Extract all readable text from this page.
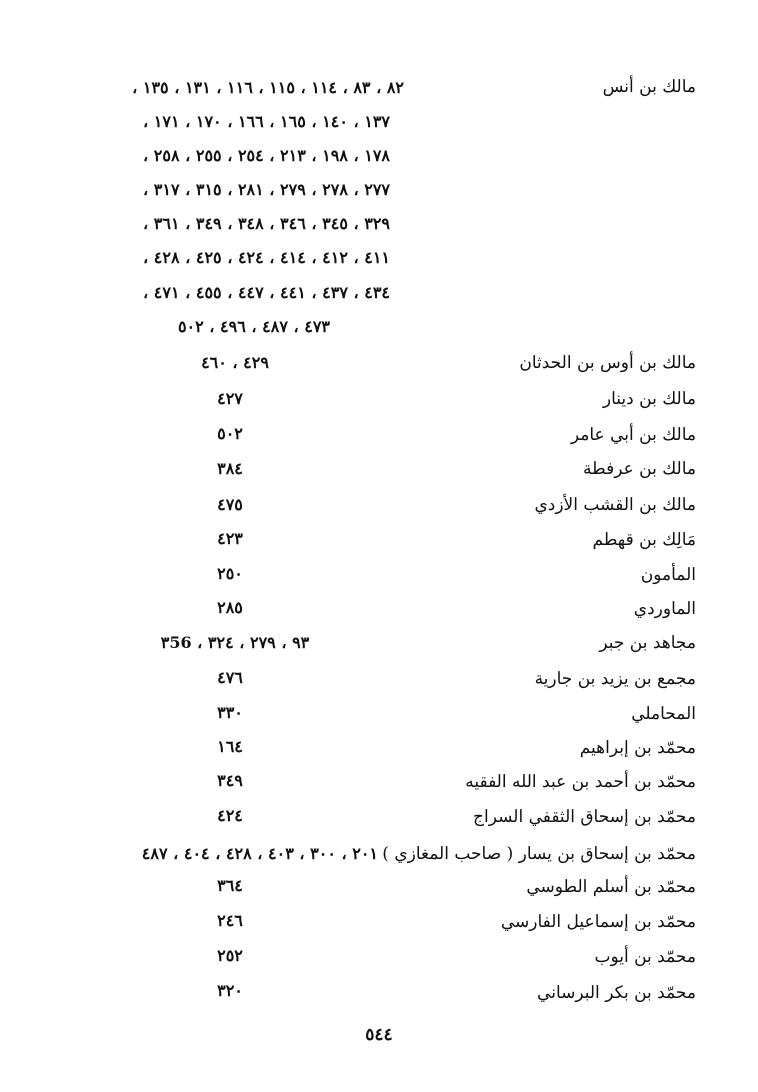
مالك بن أنس
٨٢ ، ٨٣ ، ١١٤ ، ١١٥ ، ١١٦ ، ١٣١ ، ١٣٥ ،
١٣٧ ، ١٤٠ ، ١٦٥ ، ١٦٦ ، ١٧٠ ، ١٧١ ،
١٧٨ ، ١٩٨ ، ٢١٣ ، ٢٥٤ ، ٢٥٥ ، ٢٥٨ ،
٢٧٧ ، ٢٧٨ ، ٢٧٩ ، ٢٨١ ، ٣١٥ ، ٣١٧ ،
٣٢٩ ، ٣٤٥ ، ٣٤٦ ، ٣٤٨ ، ٣٤٩ ، ٣٦١ ،
٤١١ ، ٤١٢ ، ٤١٤ ، ٤٢٤ ، ٤٢٥ ، ٤٢٨ ،
٤٣٤ ، ٤٣٧ ، ٤٤١ ، ٤٤٧ ، ٤٥٥ ، ٤٧١ ،
٤٧٣ ، ٤٨٧ ، ٤٩٦ ، ٥٠٢
مالك بن أوس بن الحدثان
٤٢٩ ، ٤٦٠
مالك بن دينار
٤٢٧
مالك بن أبي عامر
٥٠٢
مالك بن عرفطة
٣٨٤
مالك بن القشب الأزدي
٤٧٥
مَالِك بن قهطم
٤٢٣
المأمون
٢٥٠
الماوردي
٢٨٥
مجاهد بن جبر
٩٣ ، ٢٧٩ ، ٣٢٤ ، ٣56
مجمع بن يزيد بن جارية
٤٧٦
المحاملي
٣٣٠
محمّد بن إبراهيم
١٦٤
محمّد بن أحمد بن عبد الله الفقيه
٣٤٩
محمّد بن إسحاق الثقفي السراج
٤٢٤
محمّد بن إسحاق بن يسار ( صاحب المغازي )
٢٠١ ، ٣٠٠ ، ٤٠٣ ، ٤٢٨ ، ٤٠٤ ، ٤٨٧
محمّد بن أسلم الطوسي
٣٦٤
محمّد بن إسماعيل الفارسي
٢٤٦
محمّد بن أيوب
٢٥٢
محمّد بن بكر البرساني
٣٢٠
٥٤٤
